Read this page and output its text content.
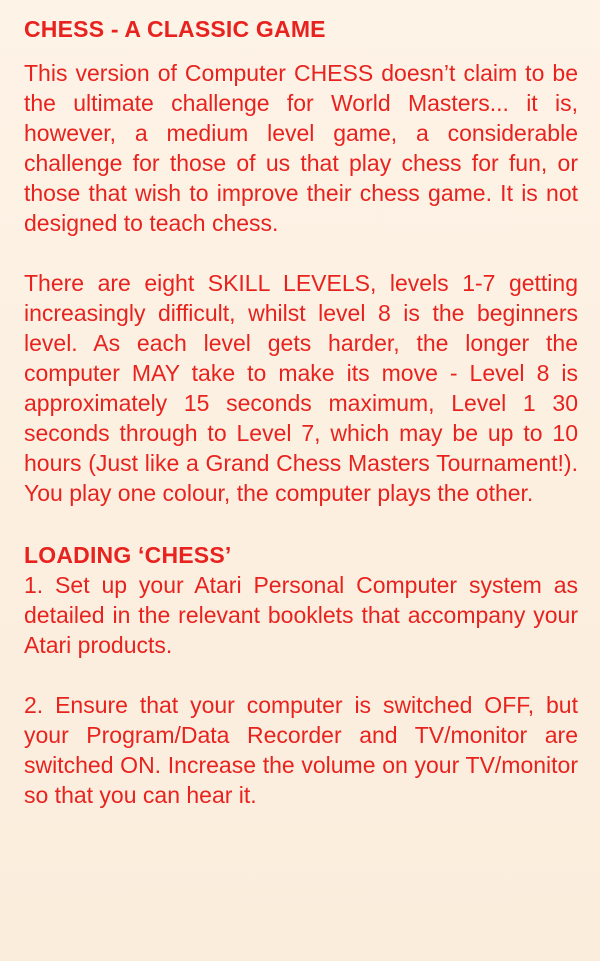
CHESS - A CLASSIC GAME

This version of Computer CHESS doesn’t claim to be the ultimate challenge for World Masters... it is, however, a medium level game, a considerable challenge for those of us that play chess for fun, or those that wish to improve their chess game. It is not designed to teach chess.

There are eight SKILL LEVELS, levels 1-7 getting increasingly difficult, whilst level 8 is the beginners level. As each level gets harder, the longer the computer MAY take to make its move - Level 8 is approximately 15 seconds maximum, Level 1 30 seconds through to Level 7, which may be up to 10 hours (Just like a Grand Chess Masters Tournament!). You play one colour, the computer plays the other.

LOADING ‘CHESS’

1. Set up your Atari Personal Computer system as detailed in the relevant booklets that accompany your Atari products.

2. Ensure that your computer is switched OFF, but your Program/Data Recorder and TV/monitor are switched ON. Increase the volume on your TV/monitor so that you can hear it.
